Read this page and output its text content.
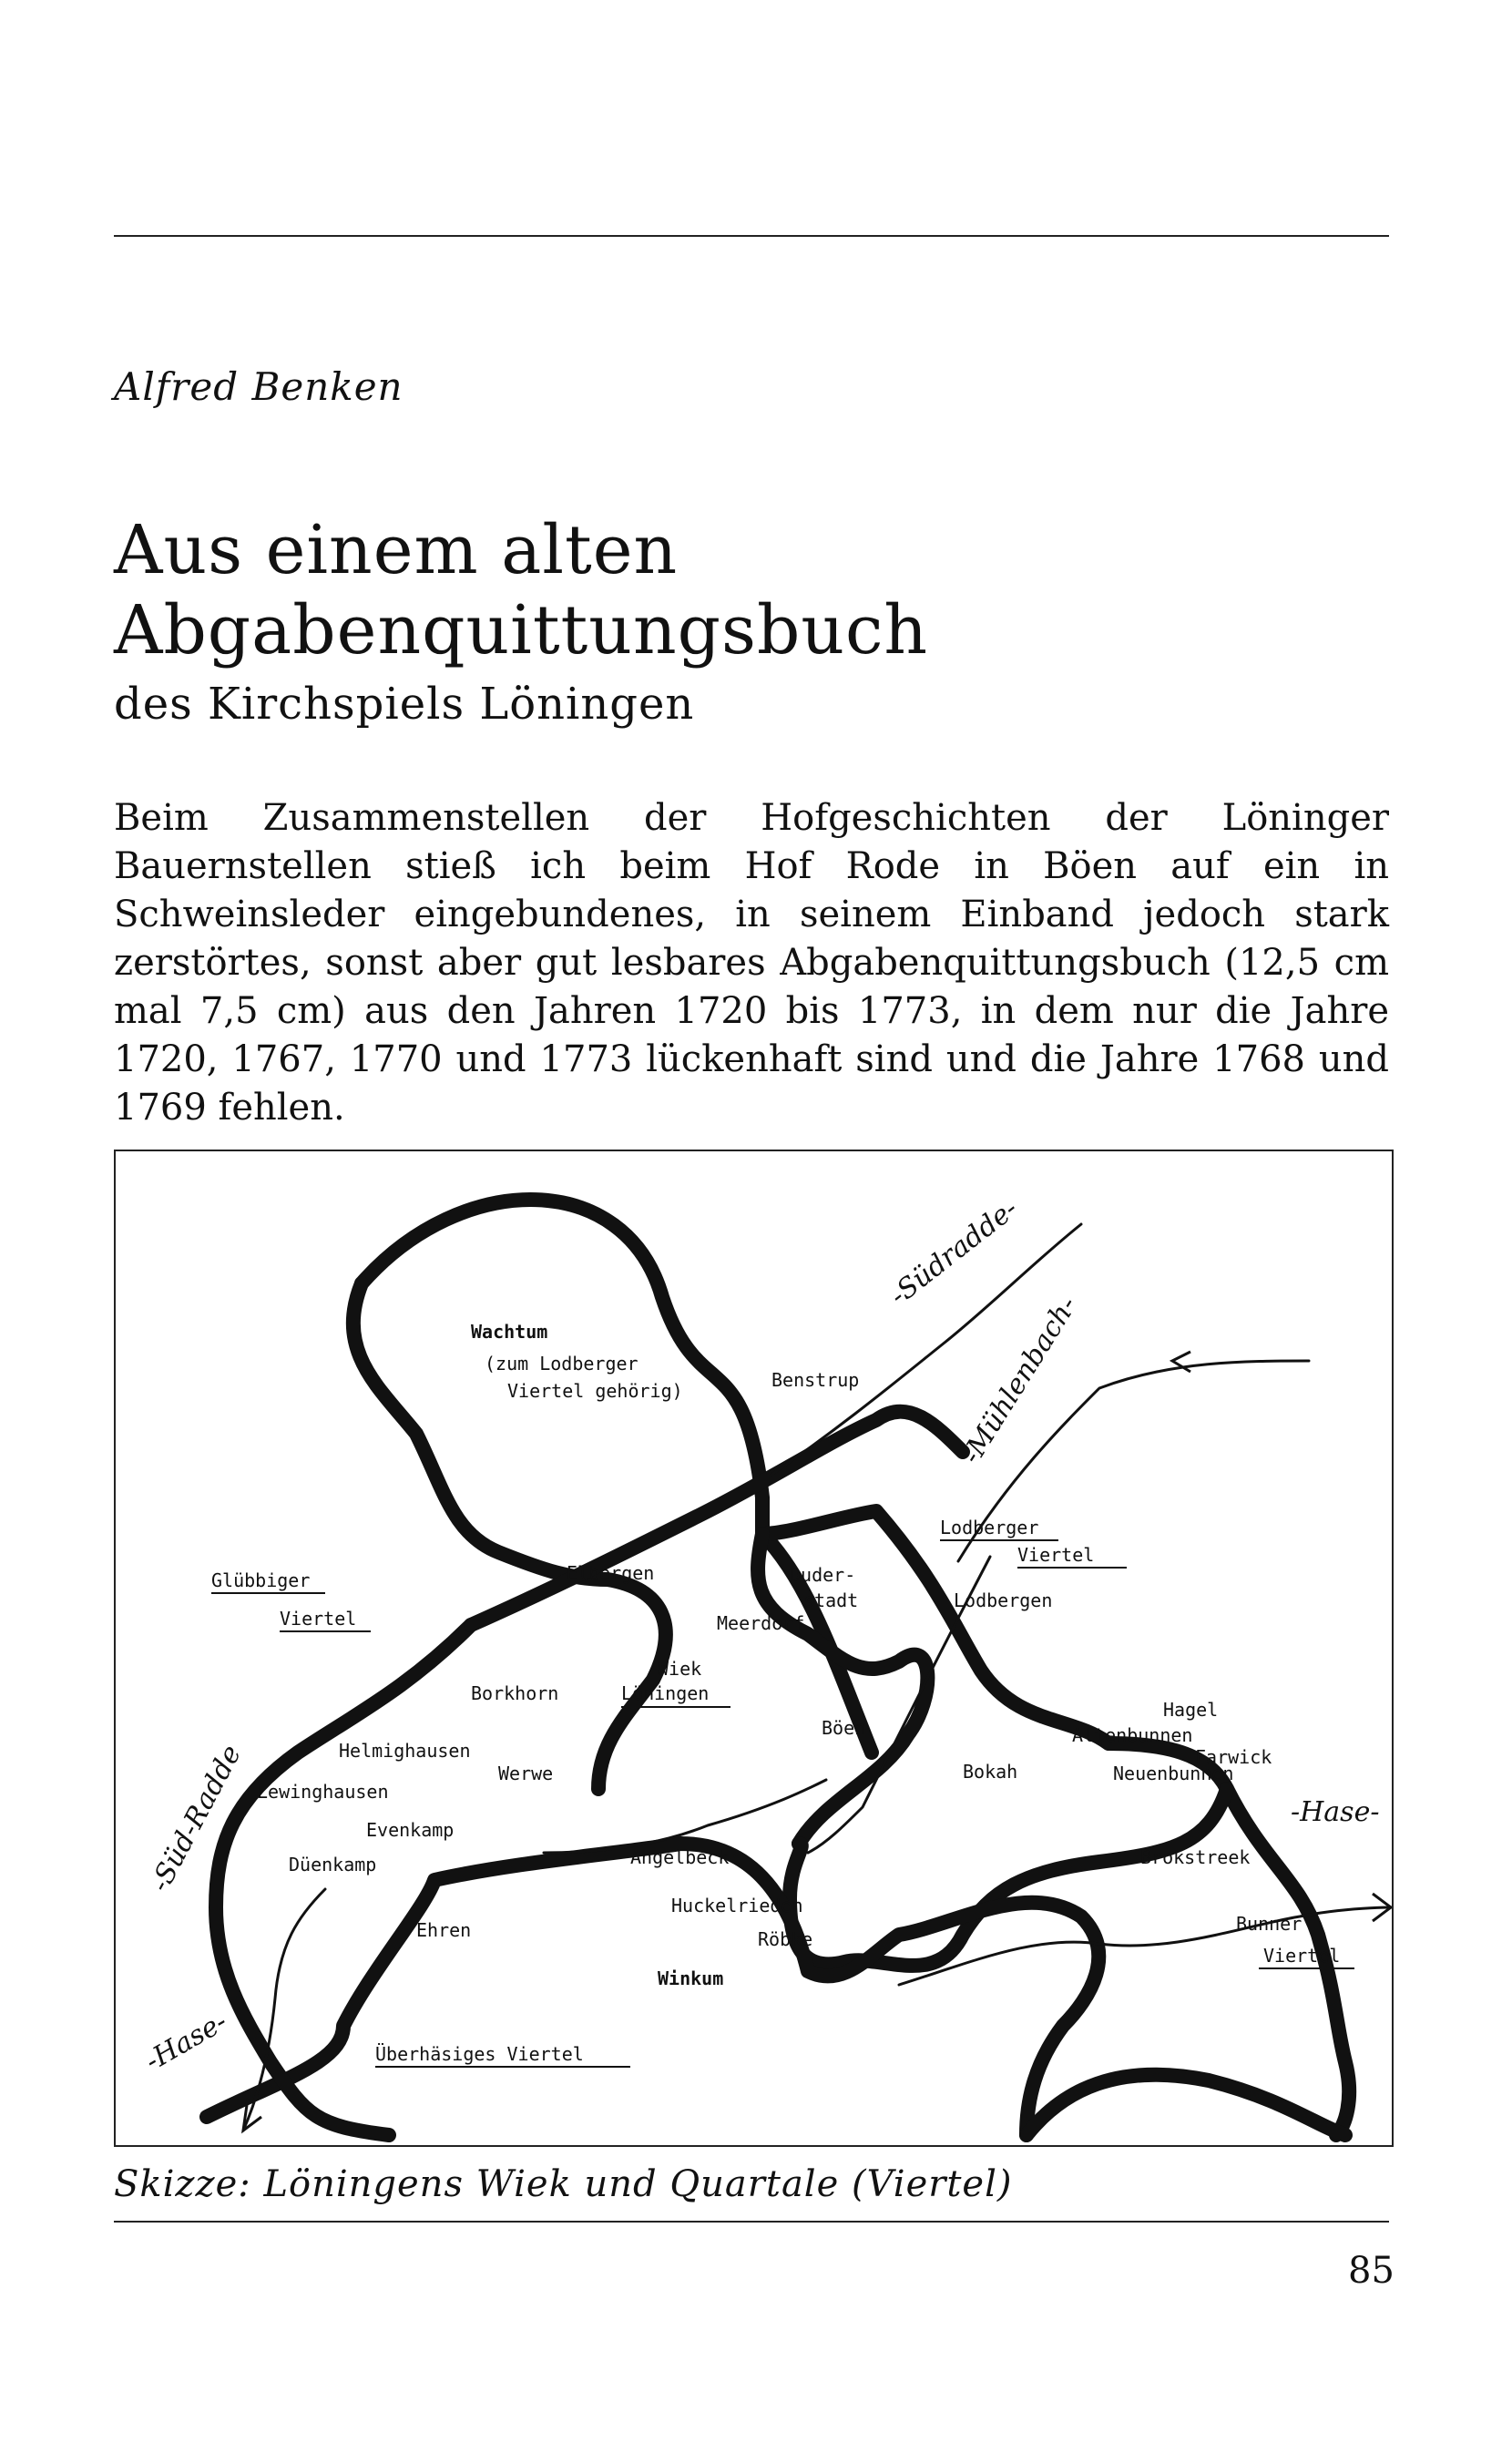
Alfred Benken
Aus einem alten
Abgabenquittungsbuch
des Kirchspiels Löningen

Beim Zusammenstellen der Hofgeschichten der Löninger Bauernstellen stieß ich beim Hof Rode in Böen auf ein in Schweinsleder eingebundenes, in seinem Einband jedoch stark zerstörtes, sonst aber gut lesbares Abgabenquittungsbuch (12,5 cm mal 7,5 cm) aus den Jahren 1720 bis 1773, in dem nur die Jahre 1720, 1767, 1770 und 1773 lückenhaft sind und die Jahre 1768 und 1769 fehlen.

-Südradde-
-Mühlenbach-
-Hase-
-Süd-Radde
-Hase-
Wachtum
(zum Lodberger
Viertel gehörig)	Benstrup
Lodberger
Viertel
Lodbergen
Glübbiger
Viertel
Elbergen	Duder-
stadt
Meerdorf
Wiek
Löningen
Borkhorn
Böen
Hagel
Altenbunnen
Farwick
Neuenbunnen
Helmighausen
Werwe
Lewinghausen
Bokah
Evenkamp
Angelbeck	Brokstreek
Düenkamp
Huckelrieden
Bunner
Viertel
Ehren	Röbke
Winkum
Überhäsiges Viertel
Skizze: Löningens Wiek und Quartale (Viertel)
85
